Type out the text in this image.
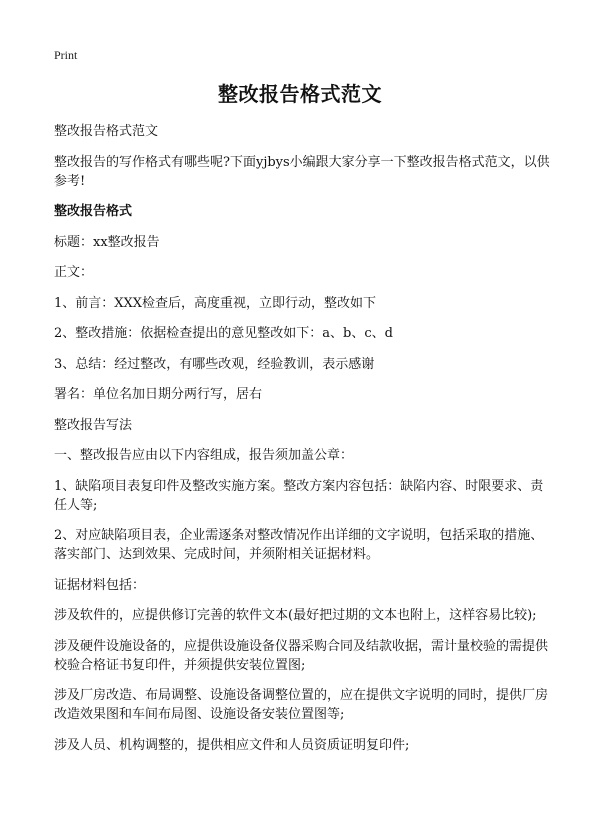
Print
整改报告格式范文

整改报告格式范文

整改报告的写作格式有哪些呢?下面yjbys小编跟大家分享一下整改报告格式范文，以供参考!

整改报告格式

标题：xx整改报告

正文：

1、前言：XXX检查后，高度重视，立即行动，整改如下

2、整改措施：依据检查提出的意见整改如下：a、b、c、d

3、总结：经过整改，有哪些改观，经验教训，表示感谢

署名：单位名加日期分两行写，居右

整改报告写法

一、整改报告应由以下内容组成，报告须加盖公章：

1、缺陷项目表复印件及整改实施方案。整改方案内容包括：缺陷内容、时限要求、责任人等;

2、对应缺陷项目表，企业需逐条对整改情况作出详细的文字说明，包括采取的措施、落实部门、达到效果、完成时间，并须附相关证据材料。

证据材料包括：

涉及软件的，应提供修订完善的软件文本(最好把过期的文本也附上，这样容易比较);

涉及硬件设施设备的，应提供设施设备仪器采购合同及结款收据，需计量校验的需提供校验合格证书复印件，并须提供安装位置图;

涉及厂房改造、布局调整、设施设备调整位置的，应在提供文字说明的同时，提供厂房改造效果图和车间布局图、设施设备安装位置图等;

涉及人员、机构调整的，提供相应文件和人员资质证明复印件;
